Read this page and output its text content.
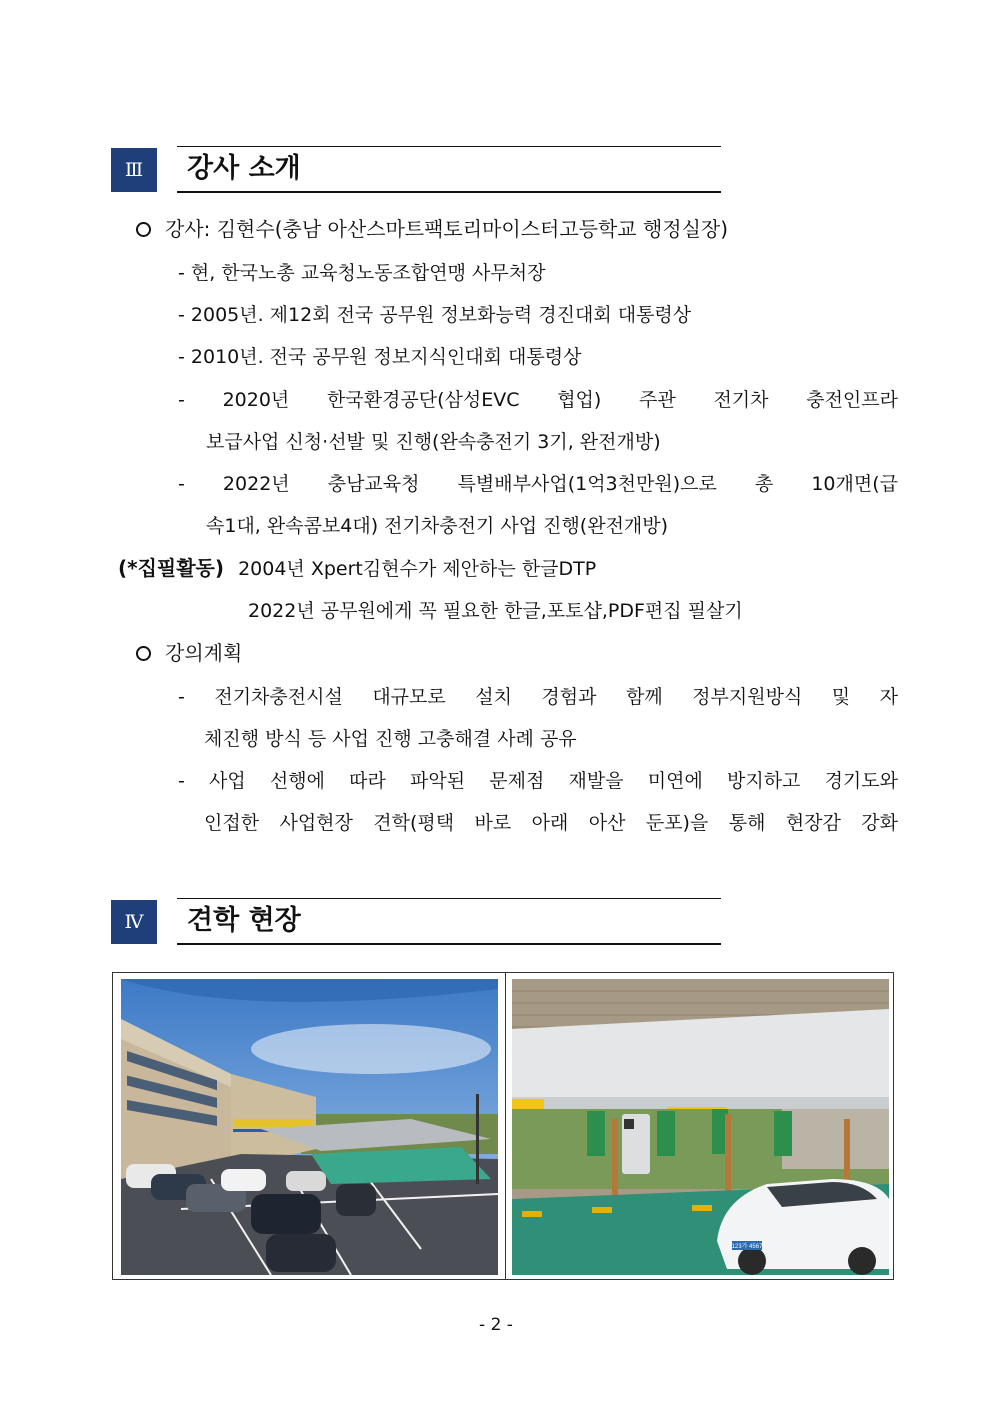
Ⅲ	강사 소개
강사: 김현수(충남 아산스마트팩토리마이스터고등학교 행정실장)
- 현, 한국노총 교육청노동조합연맹 사무처장
- 2005년. 제12회 전국 공무원 정보화능력 경진대회 대통령상
- 2010년. 전국 공무원 정보지식인대회 대통령상
- 2020년 한국환경공단(삼성EVC 협업) 주관 전기차 충전인프라
보급사업 신청·선발 및 진행(완속충전기 3기, 완전개방)
- 2022년 충남교육청 특별배부사업(1억3천만원)으로 총 10개면(급
속1대, 완속콤보4대) 전기차충전기 사업 진행(완전개방)
(*집필활동) 2004년 Xpert김현수가 제안하는 한글DTP
2022년 공무원에게 꼭 필요한 한글,포토샵,PDF편집 필살기
강의계획
- 전기차충전시설 대규모로 설치 경험과 함께 정부지원방식 및 자
체진행 방식 등 사업 진행 고충해결 사례 공유
- 사업 선행에 따라 파악된 문제점 재발을 미연에 방지하고 경기도와
인접한 사업현장 견학(평택 바로 아래 아산 둔포)을 통해 현장감 강화
Ⅳ	견학 현장
123가 4567
- 2 -
